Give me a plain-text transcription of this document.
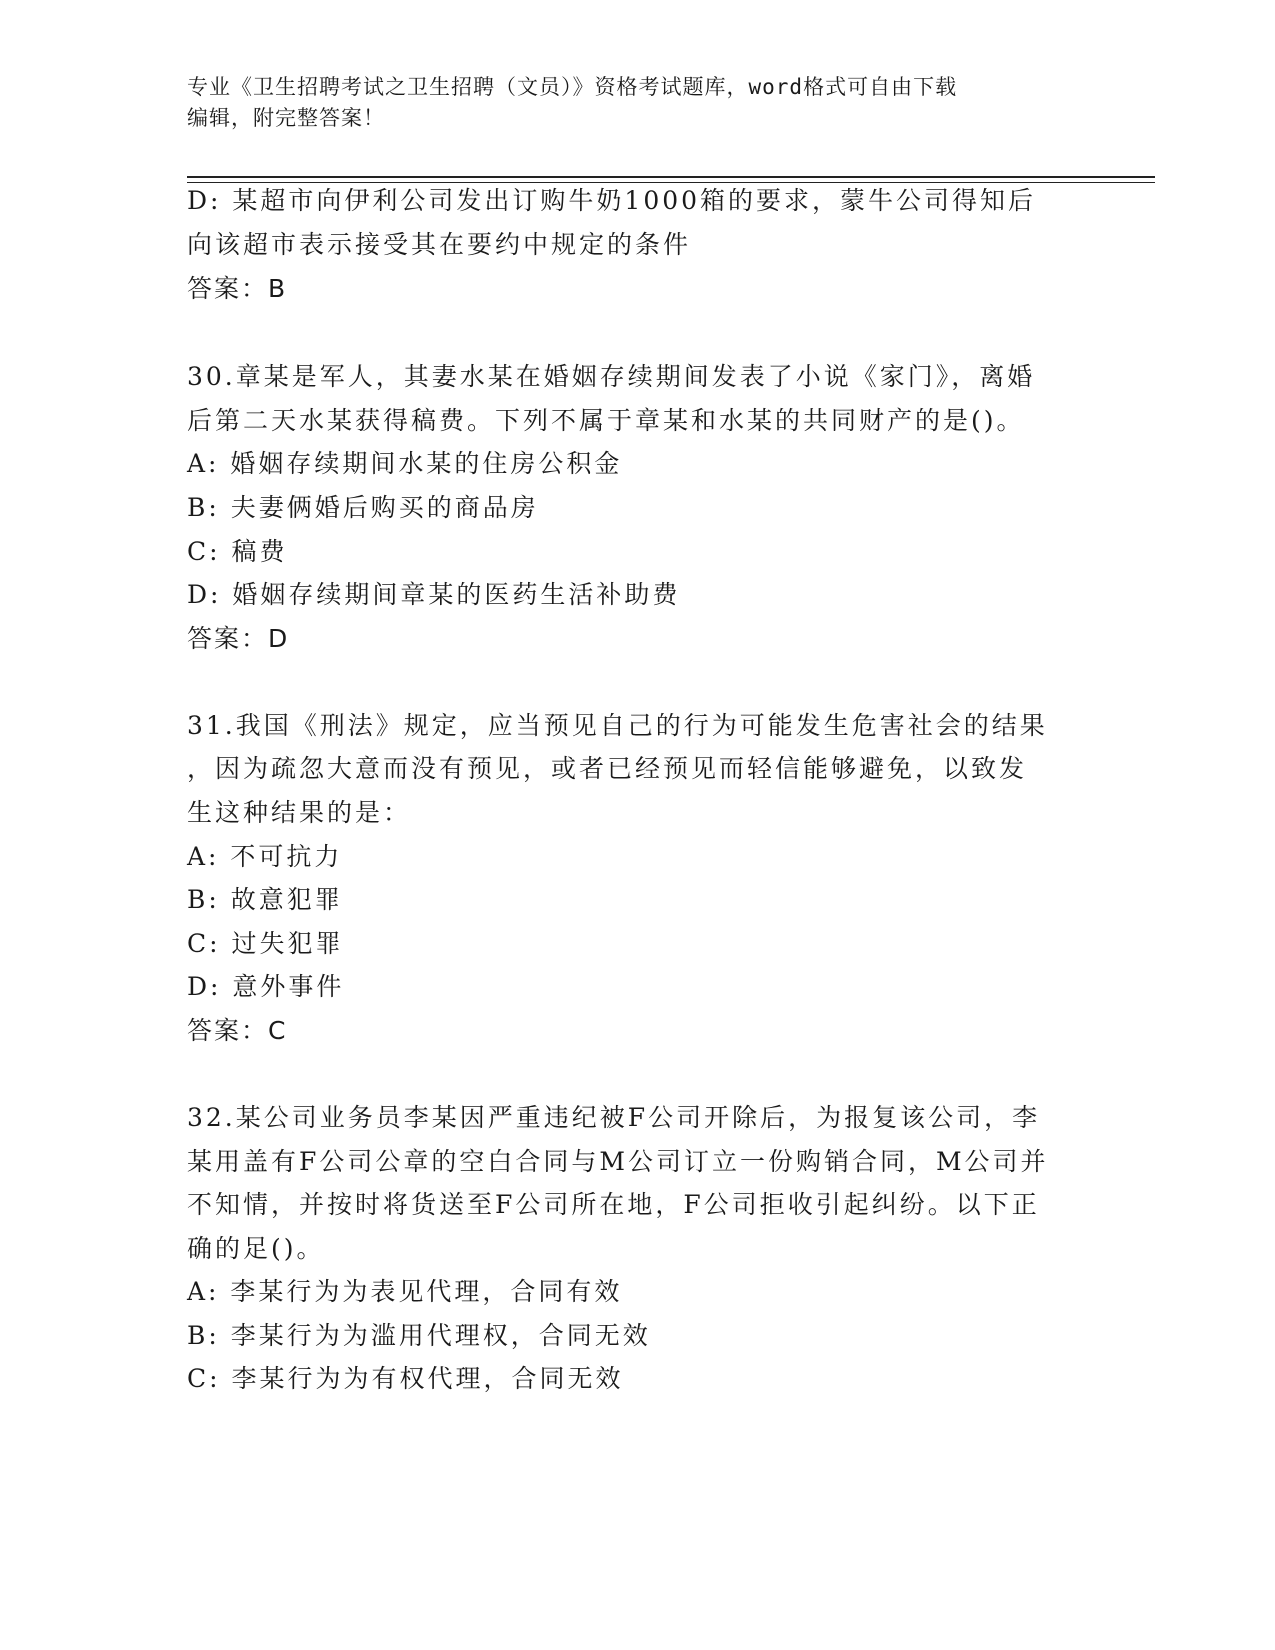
专业《卫生招聘考试之卫生招聘（文员）》资格考试题库，word格式可自由下载
编辑，附完整答案！
D: 某超市向伊利公司发出订购牛奶1000箱的要求，蒙牛公司得知后
向该超市表示接受其在要约中规定的条件
答案：B
30.章某是军人，其妻水某在婚姻存续期间发表了小说《家门》，离婚
后第二天水某获得稿费。下列不属于章某和水某的共同财产的是()。
A: 婚姻存续期间水某的住房公积金
B: 夫妻俩婚后购买的商品房
C: 稿费
D: 婚姻存续期间章某的医药生活补助费
答案：D
31.我国《刑法》规定，应当预见自己的行为可能发生危害社会的结果
，因为疏忽大意而没有预见，或者已经预见而轻信能够避免，以致发
生这种结果的是：
A: 不可抗力
B: 故意犯罪
C: 过失犯罪
D: 意外事件
答案：C
32.某公司业务员李某因严重违纪被F公司开除后，为报复该公司，李
某用盖有F公司公章的空白合同与M公司订立一份购销合同，M公司并
不知情，并按时将货送至F公司所在地，F公司拒收引起纠纷。以下正
确的足()。
A: 李某行为为表见代理，合同有效
B: 李某行为为滥用代理权，合同无效
C: 李某行为为有权代理，合同无效
